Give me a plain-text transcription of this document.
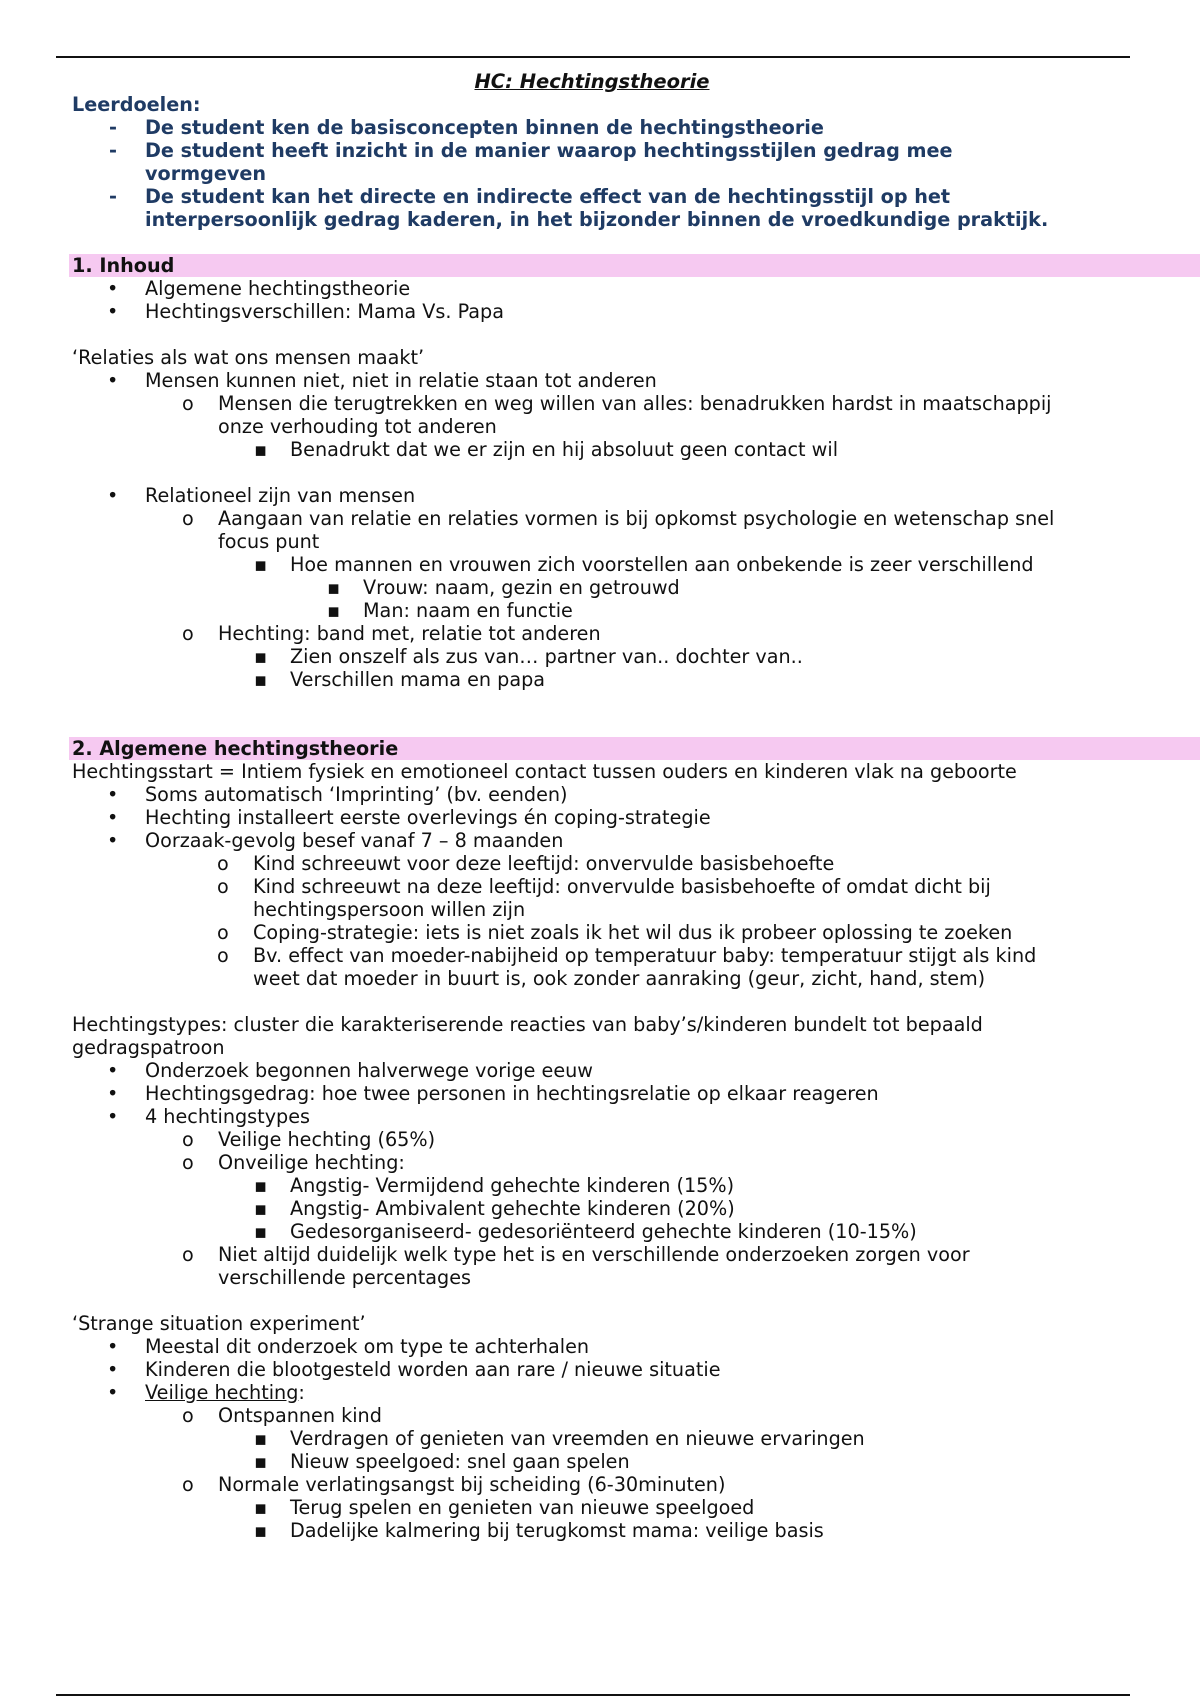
HC: Hechtingstheorie
Leerdoelen:
- De student ken de basisconcepten binnen de hechtingstheorie
- De student heeft inzicht in de manier waarop hechtingsstijlen gedrag mee
vormgeven
- De student kan het directe en indirecte effect van de hechtingsstijl op het
interpersoonlijk gedrag kaderen, in het bijzonder binnen de vroedkundige praktijk.
1. Inhoud
• Algemene hechtingstheorie
• Hechtingsverschillen: Mama Vs. Papa
‘Relaties als wat ons mensen maakt’
• Mensen kunnen niet, niet in relatie staan tot anderen
o Mensen die terugtrekken en weg willen van alles: benadrukken hardst in maatschappij
onze verhouding tot anderen
▪ Benadrukt dat we er zijn en hij absoluut geen contact wil
• Relationeel zijn van mensen
o Aangaan van relatie en relaties vormen is bij opkomst psychologie en wetenschap snel
focus punt
▪ Hoe mannen en vrouwen zich voorstellen aan onbekende is zeer verschillend
▪ Vrouw: naam, gezin en getrouwd
▪ Man: naam en functie
o Hechting: band met, relatie tot anderen
▪ Zien onszelf als zus van… partner van.. dochter van..
▪ Verschillen mama en papa
2. Algemene hechtingstheorie
Hechtingsstart = Intiem fysiek en emotioneel contact tussen ouders en kinderen vlak na geboorte
• Soms automatisch ‘Imprinting’ (bv. eenden)
• Hechting installeert eerste overlevings én coping-strategie
• Oorzaak-gevolg besef vanaf 7 – 8 maanden
o Kind schreeuwt voor deze leeftijd: onvervulde basisbehoefte
o Kind schreeuwt na deze leeftijd: onvervulde basisbehoefte of omdat dicht bij
hechtingspersoon willen zijn
o Coping-strategie: iets is niet zoals ik het wil dus ik probeer oplossing te zoeken
o Bv. effect van moeder-nabijheid op temperatuur baby: temperatuur stijgt als kind
weet dat moeder in buurt is, ook zonder aanraking (geur, zicht, hand, stem)
Hechtingstypes: cluster die karakteriserende reacties van baby’s/kinderen bundelt tot bepaald
gedragspatroon
• Onderzoek begonnen halverwege vorige eeuw
• Hechtingsgedrag: hoe twee personen in hechtingsrelatie op elkaar reageren
• 4 hechtingstypes
o Veilige hechting (65%)
o Onveilige hechting:
▪ Angstig- Vermijdend gehechte kinderen (15%)
▪ Angstig- Ambivalent gehechte kinderen (20%)
▪ Gedesorganiseerd- gedesoriënteerd gehechte kinderen (10-15%)
o Niet altijd duidelijk welk type het is en verschillende onderzoeken zorgen voor
verschillende percentages
‘Strange situation experiment’
• Meestal dit onderzoek om type te achterhalen
• Kinderen die blootgesteld worden aan rare / nieuwe situatie
• Veilige hechting:
o Ontspannen kind
▪ Verdragen of genieten van vreemden en nieuwe ervaringen
▪ Nieuw speelgoed: snel gaan spelen
o Normale verlatingsangst bij scheiding (6-30minuten)
▪ Terug spelen en genieten van nieuwe speelgoed
▪ Dadelijke kalmering bij terugkomst mama: veilige basis
